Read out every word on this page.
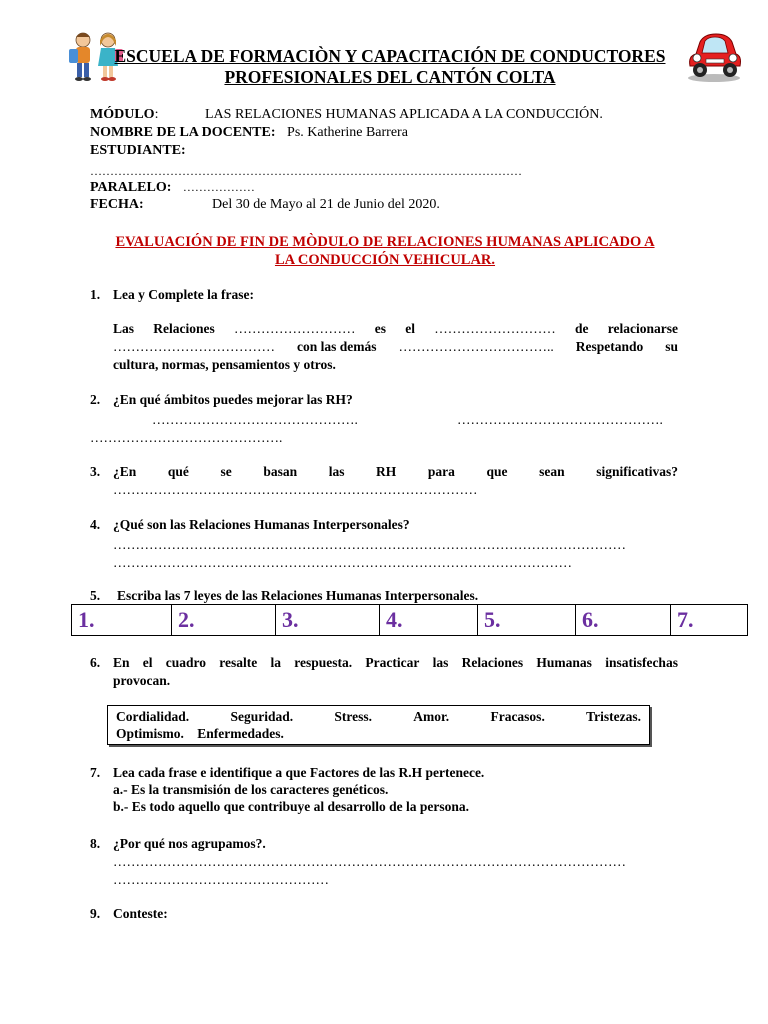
ESCUELA DE FORMACIÒN Y CAPACITACIÓN DE CONDUCTORES
PROFESIONALES DEL CANTÓN COLTA
MÓDULO:	LAS RELACIONES HUMANAS APLICADA A LA CONDUCCIÓN.
NOMBRE DE LA DOCENTE: Ps. Katherine Barrera
ESTUDIANTE:
………………………………………………………………………………………………
PARALELO: ………………
FECHA:	Del 30 de Mayo al 21 de Junio del 2020.
EVALUACIÓN DE FIN DE MÒDULO DE RELACIONES HUMANAS APLICADO A
LA CONDUCCIÓN VEHICULAR.
1. Lea y Complete la frase:
Las Relaciones ……………………… es el ……………………… de relacionarse
……………………………… con las demás …………………………….. Respetando su
cultura, normas, pensamientos y otros.
2. ¿En qué ámbitos puedes mejorar las RH?
……………………………………….	……………………………………….
…………………………………….
3. ¿En qué se basan las RH para que sean significativas?
………………………………………………………………………
4. ¿Qué son las Relaciones Humanas Interpersonales?
……………………………………………………………………………………………………
…………………………………………………………………………………………
5. Escriba las 7 leyes de las Relaciones Humanas Interpersonales.
1.	2.	3.	4.	5.	6.	7.
6. En el cuadro resalte la respuesta. Practicar las Relaciones Humanas insatisfechas
provocan.
Cordialidad.	Seguridad.	Stress.	Amor.	Fracasos.	Tristezas.
Optimismo. Enfermedades.
7. Lea cada frase e identifique a que Factores de las R.H pertenece.
a.- Es la transmisión de los caracteres genéticos.
b.- Es todo aquello que contribuye al desarrollo de la persona.
8. ¿Por qué nos agrupamos?.
……………………………………………………………………………………………………
…………………………………………
9. Conteste:
